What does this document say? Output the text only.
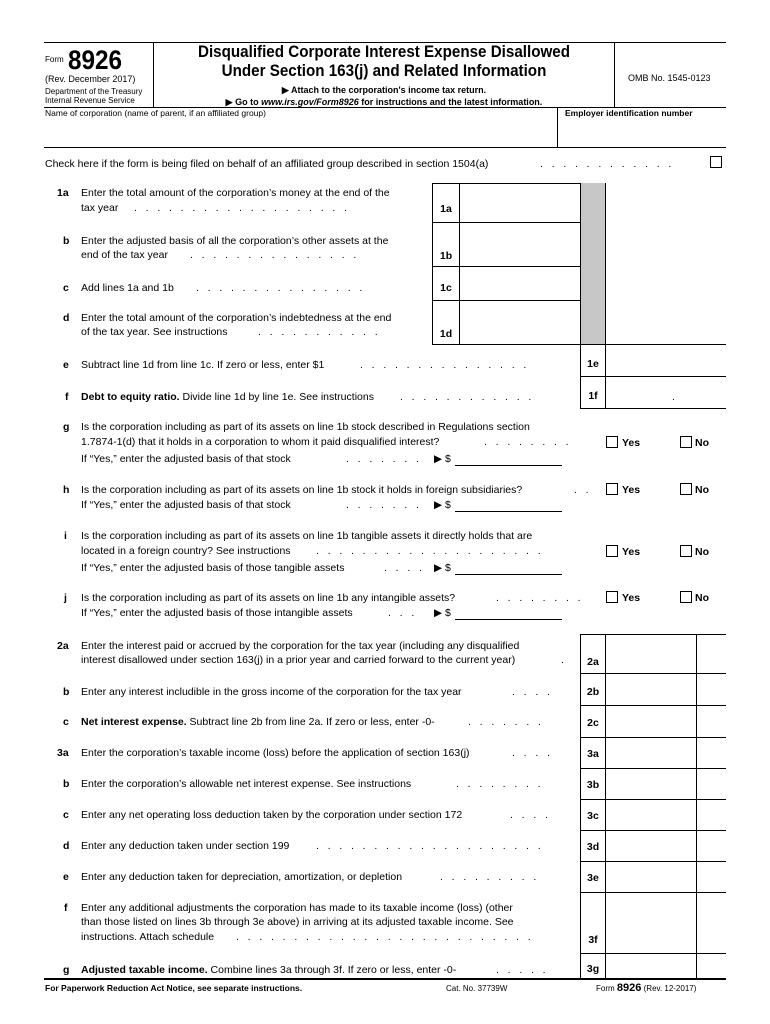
Form 8926
(Rev. December 2017)
Department of the Treasury
Internal Revenue Service
Disqualified Corporate Interest Expense Disallowed
Under Section 163(j) and Related Information
▶ Attach to the corporation's income tax return.
▶ Go to www.irs.gov/Form8926 for instructions and the latest information.
OMB No. 1545-0123
Name of corporation (name of parent, if an affiliated group)	Employer identification number
Check here if the form is being filed on behalf of an affiliated group described in section 1504(a)	.   .   .   .   .   .   .   .   .   .   .   .
1a Enter the total amount of the corporation’s money at the end of the
tax year .   .   .   .   .   .   .   .   .   .   .   .   .   .   .   .   .   .   .	1a
b Enter the adjusted basis of all the corporation’s other assets at the
end of the tax year .   .   .   .   .   .   .   .   .   .   .   .   .   .   .	1b
c Add lines 1a and 1b .   .   .   .   .   .   .   .   .   .   .   .   .   .   .	1c
d Enter the total amount of the corporation’s indebtedness at the end
of the tax year. See instructions	.   .   .   .   .   .   .   .   .   .   .	1d
e Subtract line 1d from line 1c. If zero or less, enter $1	.   .   .   .   .   .   .   .   .   .   .   .   .   .   .	1e
f Debt to equity ratio. Divide line 1d by line 1e. See instructions .   .   .   .   .   .   .   .   .   .   .   .	1f	.
g Is the corporation including as part of its assets on line 1b stock described in Regulations section
1.7874-1(d) that it holds in a corporation to whom it paid disqualified interest?	.   .   .   .   .   .   .   .	Yes	No
If “Yes,” enter the adjusted basis of that stock	.   .   .   .   .   .   . ▶ $
h Is the corporation including as part of its assets on line 1b stock it holds in foreign subsidiaries?	.   .	Yes	No
If “Yes,” enter the adjusted basis of that stock	.   .   .   .   .   .   . ▶ $
i Is the corporation including as part of its assets on line 1b tangible assets it directly holds that are
located in a foreign country? See instructions .   .   .   .   .   .   .   .   .   .   .   .   .   .   .   .   .   .   .   .	Yes	No
If “Yes,” enter the adjusted basis of those tangible assets	.   .   .   . ▶ $
j Is the corporation including as part of its assets on line 1b any intangible assets?	.   .   .   .   .   .   .   .	Yes	No
If “Yes,” enter the adjusted basis of those intangible assets	.   .   . ▶ $
2a Enter the interest paid or accrued by the corporation for the tax year (including any disqualified
interest disallowed under section 163(j) in a prior year and carried forward to the current year)	.	2a
b Enter any interest includible in the gross income of the corporation for the tax year	.   .   .   .	2b
c Net interest expense. Subtract line 2b from line 2a. If zero or less, enter -0-	.   .   .   .   .   .   .	2c
3a Enter the corporation’s taxable income (loss) before the application of section 163(j)	.   .   .   .	3a
b Enter the corporation’s allowable net interest expense. See instructions	.   .   .   .   .   .   .   .	3b
c Enter any net operating loss deduction taken by the corporation under section 172	.   .   .   .	3c
d Enter any deduction taken under section 199	.   .   .   .   .   .   .   .   .   .   .   .   .   .   .   .   .   .   .   .	3d
e Enter any deduction taken for depreciation, amortization, or depletion	.   .   .   .   .   .   .   .   .	3e
f Enter any additional adjustments the corporation has made to its taxable income (loss) (other
than those listed on lines 3b through 3e above) in arriving at its adjusted taxable income. See
instructions. Attach schedule .   .   .   .   .   .   .   .   .   .   .   .   .   .   .   .   .   .   .   .   .   .   .   .   .   .	3f
g Adjusted taxable income. Combine lines 3a through 3f. If zero or less, enter -0-	.   .   .   .   .	3g
For Paperwork Reduction Act Notice, see separate instructions.	Cat. No. 37739W	Form 8926 (Rev. 12-2017)
